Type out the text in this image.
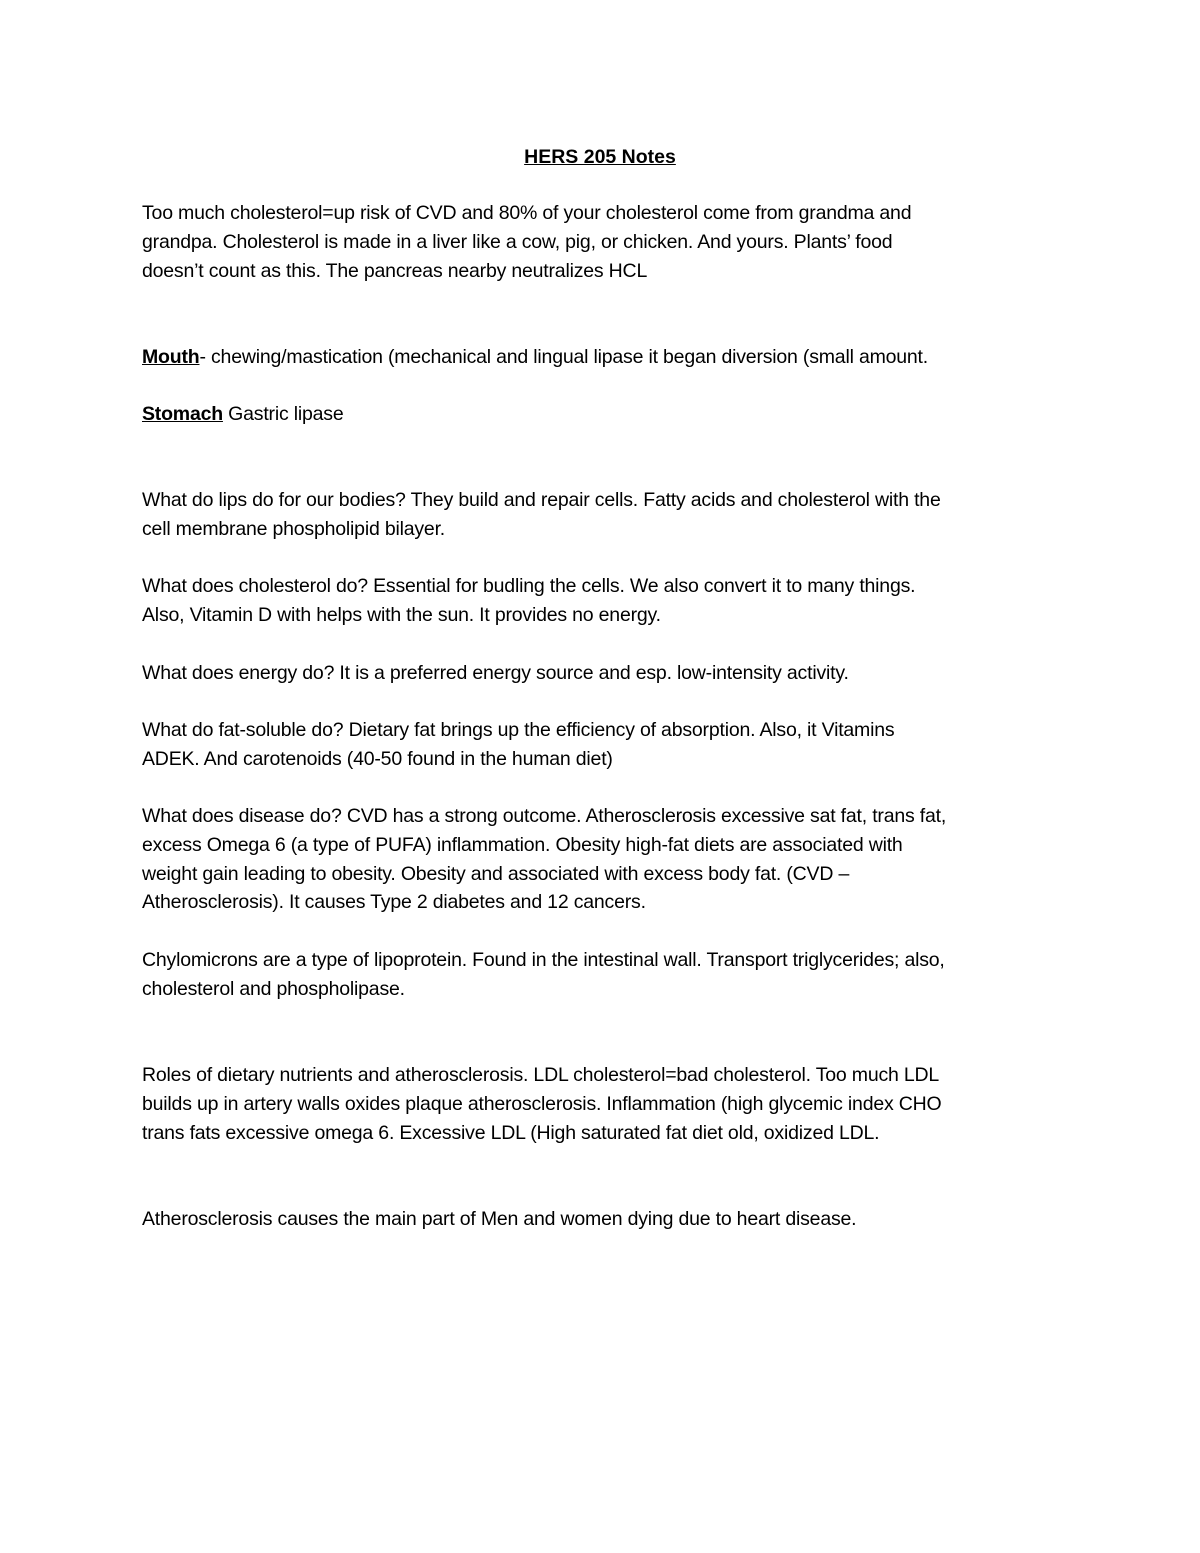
HERS 205 Notes
Too much cholesterol=up risk of CVD and 80% of your cholesterol come from grandma and
grandpa. Cholesterol is made in a liver like a cow, pig, or chicken. And yours. Plants’ food
doesn’t count as this. The pancreas nearby neutralizes HCL
Mouth- chewing/mastication (mechanical and lingual lipase it began diversion (small amount.
Stomach Gastric lipase
What do lips do for our bodies? They build and repair cells. Fatty acids and cholesterol with the
cell membrane phospholipid bilayer.
What does cholesterol do? Essential for budling the cells. We also convert it to many things.
Also, Vitamin D with helps with the sun. It provides no energy.
What does energy do? It is a preferred energy source and esp. low-intensity activity.
What do fat-soluble do? Dietary fat brings up the efficiency of absorption. Also, it Vitamins
ADEK. And carotenoids (40-50 found in the human diet)
What does disease do? CVD has a strong outcome. Atherosclerosis excessive sat fat, trans fat,
excess Omega 6 (a type of PUFA) inflammation. Obesity high-fat diets are associated with
weight gain leading to obesity. Obesity and associated with excess body fat. (CVD –
Atherosclerosis). It causes Type 2 diabetes and 12 cancers.
Chylomicrons are a type of lipoprotein. Found in the intestinal wall. Transport triglycerides; also,
cholesterol and phospholipase.
Roles of dietary nutrients and atherosclerosis. LDL cholesterol=bad cholesterol. Too much LDL
builds up in artery walls oxides plaque atherosclerosis. Inflammation (high glycemic index CHO
trans fats excessive omega 6. Excessive LDL (High saturated fat diet old, oxidized LDL.
Atherosclerosis causes the main part of Men and women dying due to heart disease.
